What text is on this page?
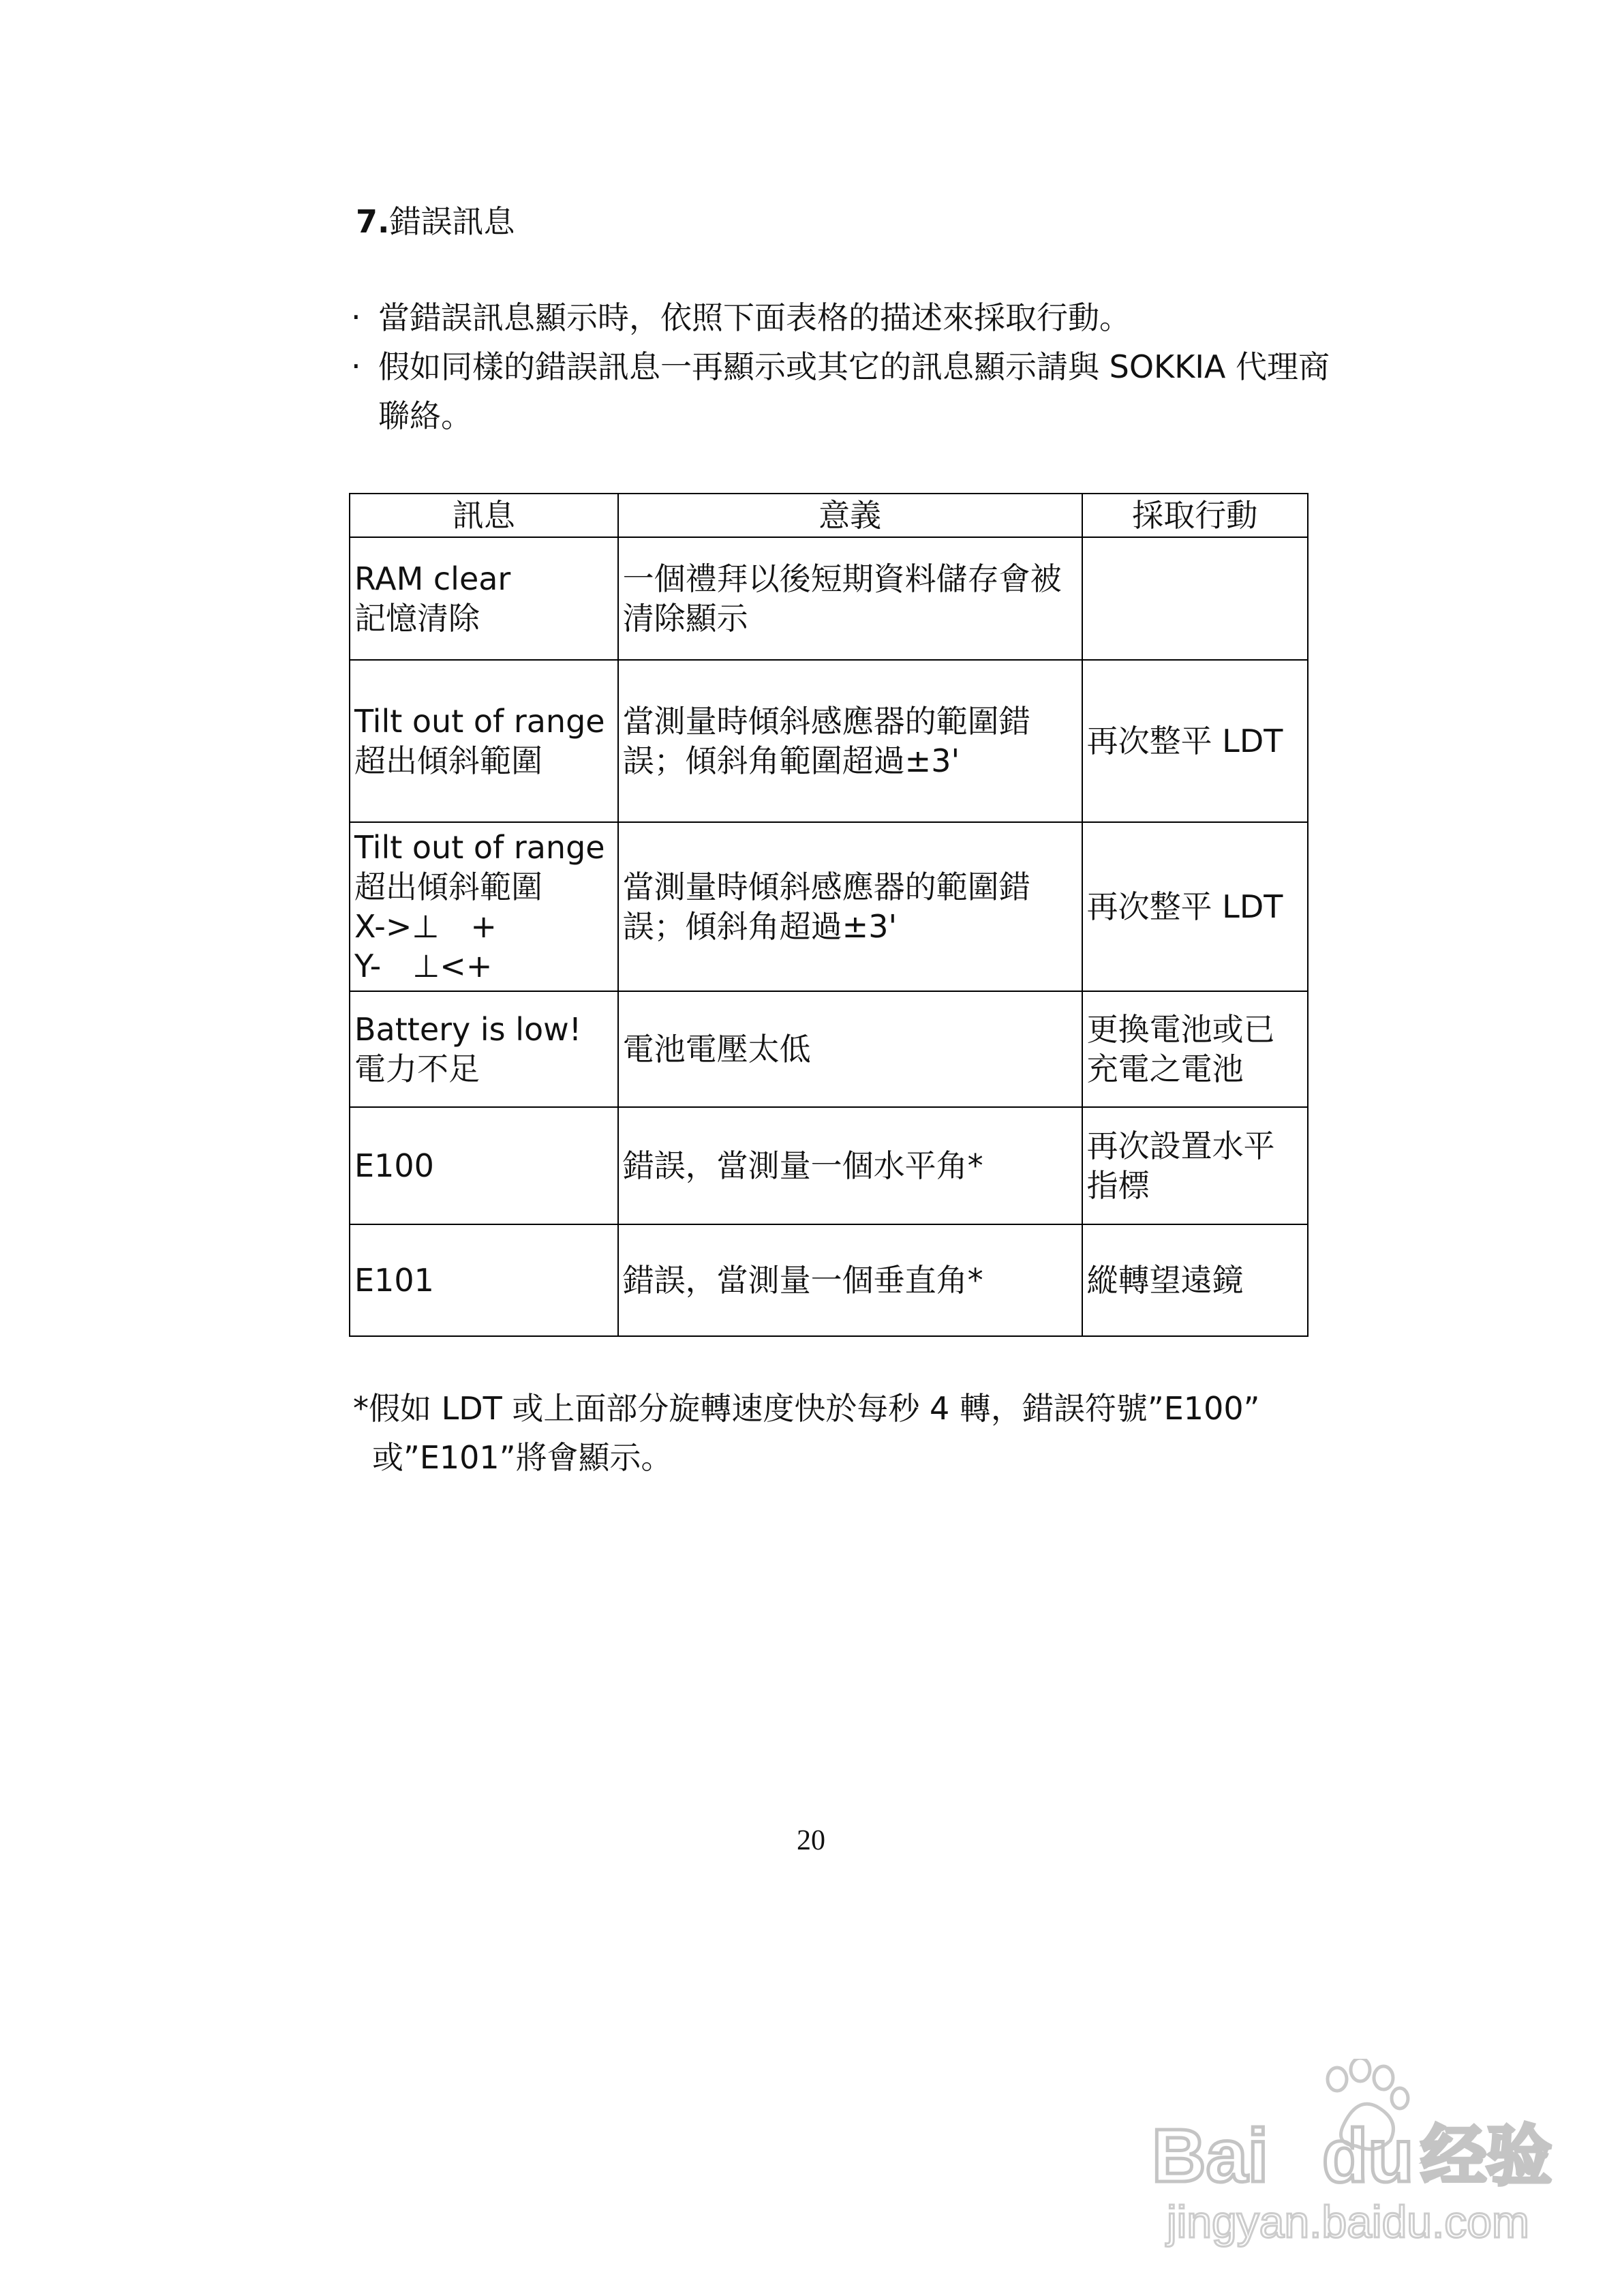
7.錯誤訊息
‧ 當錯誤訊息顯示時，依照下面表格的描述來採取行動。
‧ 假如同樣的錯誤訊息一再顯示或其它的訊息顯示請與 SOKKIA 代理商聯絡。
訊息	意義	採取行動

RAM clear
記憶清除	一個禮拜以後短期資料儲存會被清除顯示	

Tilt out of range
超出傾斜範圍	當測量時傾斜感應器的範圍錯誤；傾斜角範圍超過±3'	再次整平 LDT

Tilt out of range
超出傾斜範圍
X->⊥　+
Y-　⊥<+	當測量時傾斜感應器的範圍錯誤；傾斜角超過±3'	再次整平 LDT

Battery is low!
電力不足	電池電壓太低	更換電池或已充電之電池

E100	錯誤，當測量一個水平角*	再次設置水平指標

E101	錯誤，當測量一個垂直角*	縱轉望遠鏡
*假如 LDT 或上面部分旋轉速度快於每秒 4 轉，錯誤符號”E100”
或”E101”將會顯示。
20
Bai du 经验
jingyan.baidu.com
